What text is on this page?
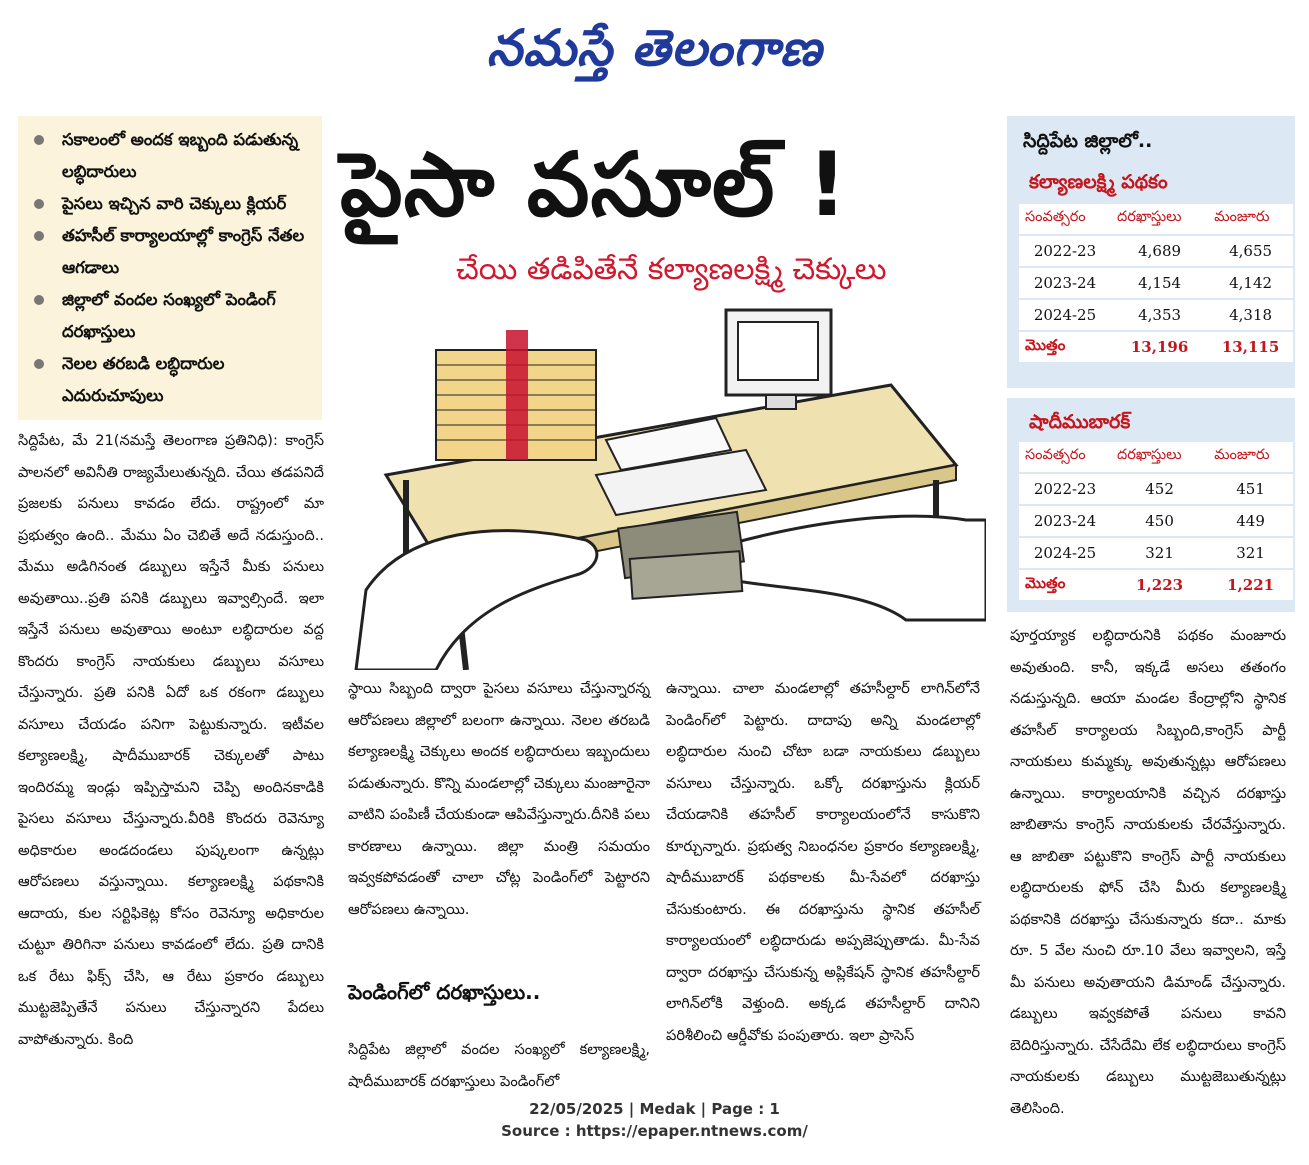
నమస్తే తెలంగాణ
సకాలంలో అందక ఇబ్బంది పడుతున్న లబ్ధిదారులు
పైసలు ఇచ్చిన వారి చెక్కులు క్లియర్
తహసీల్ కార్యాలయాల్లో కాంగ్రెస్ నేతల ఆగడాలు
జిల్లాలో వందల సంఖ్యలో పెండింగ్ దరఖాస్తులు
నెలల తరబడి లబ్ధిదారుల ఎదురుచూపులు
పైసా వసూల్ !
చేయి తడిపితేనే కల్యాణలక్ష్మి చెక్కులు
సిద్దిపేట, మే 21(నమస్తే తెలంగాణ ప్రతినిధి): కాంగ్రెస్ పాలనలో అవినీతి రాజ్యమేలుతున్నది. చేయి తడపనిదే ప్రజలకు పనులు కావడం లేదు. రాష్ట్రంలో మా ప్రభుత్వం ఉంది.. మేము ఏం చెబితే అదే నడుస్తుంది.. మేము అడిగినంత డబ్బులు ఇస్తేనే మీకు పనులు అవుతాయి..ప్రతి పనికి డబ్బులు ఇవ్వాల్సిందే. ఇలా ఇస్తేనే పనులు అవుతాయి అంటూ లబ్ధిదారుల వద్ద కొందరు కాంగ్రెస్ నాయకులు డబ్బులు వసూలు చేస్తున్నారు. ప్రతి పనికి ఏదో ఒక రకంగా డబ్బులు వసూలు చేయడం పనిగా పెట్టుకున్నారు. ఇటీవల కల్యాణలక్ష్మి, షాదీముబారక్ చెక్కులతో పాటు ఇందిరమ్మ ఇండ్లు ఇప్పిస్తామని చెప్పి అందినకాడికి పైసలు వసూలు చేస్తున్నారు.వీరికి కొందరు రెవెన్యూ అధికారుల అండదండలు పుష్కలంగా ఉన్నట్లు ఆరోపణలు వస్తున్నాయి. కల్యాణలక్ష్మి పథకానికి ఆదాయ, కుల సర్టిఫికెట్ల కోసం రెవెన్యూ అధికారుల చుట్టూ తిరిగినా పనులు కావడంలో లేదు. ప్రతి దానికి ఒక రేటు ఫిక్స్ చేసి, ఆ రేటు ప్రకారం డబ్బులు ముట్టజెప్పితేనే పనులు చేస్తున్నారని పేదలు వాపోతున్నారు. కింది
స్థాయి సిబ్బంది ద్వారా పైసలు వసూలు చేస్తున్నారన్న ఆరోపణలు జిల్లాలో బలంగా ఉన్నాయి. నెలల తరబడి కల్యాణలక్ష్మి చెక్కులు అందక లబ్ధిదారులు ఇబ్బందులు పడుతున్నారు. కొన్ని మండలాల్లో చెక్కులు మంజూరైనా వాటిని పంపిణీ చేయకుండా ఆపివేస్తున్నారు.దీనికి పలు కారణాలు ఉన్నాయి. జిల్లా మంత్రి సమయం ఇవ్వకపోవడంతో చాలా చోట్ల పెండింగ్‌లో పెట్టారని ఆరోపణలు ఉన్నాయి.
పెండింగ్‌లో దరఖాస్తులు..
సిద్దిపేట జిల్లాలో వందల సంఖ్యలో కల్యాణలక్ష్మి, షాదీముబారక్ దరఖాస్తులు పెండింగ్‌లో
ఉన్నాయి. చాలా మండలాల్లో తహసీల్దార్ లాగిన్‌లోనే పెండింగ్‌లో పెట్టారు. దాదాపు అన్ని మండలాల్లో లబ్ధిదారుల నుంచి చోటా బడా నాయకులు డబ్బులు వసూలు చేస్తున్నారు. ఒక్కో దరఖాస్తును క్లియర్ చేయడానికి తహసీల్ కార్యాలయంలోనే కాసుకొని కూర్చున్నారు. ప్రభుత్వ నిబంధనల ప్రకారం కల్యాణలక్ష్మి, షాదీముబారక్ పథకాలకు మీ-సేవలో దరఖాస్తు చేసుకుంటారు. ఈ దరఖాస్తును స్థానిక తహసీల్ కార్యాలయంలో లబ్ధిదారుడు అప్పజెప్పుతాడు. మీ-సేవ ద్వారా దరఖాస్తు చేసుకున్న అప్లికేషన్ స్థానిక తహసీల్దార్ లాగిన్‌లోకి వెళ్తుంది. అక్కడ తహసీల్దార్ దానిని పరిశీలించి ఆర్డీవోకు పంపుతారు. ఇలా ప్రాసెస్
పూర్తయ్యాక లబ్ధిదారునికి పథకం మంజూరు అవుతుంది. కానీ, ఇక్కడే అసలు తతంగం నడుస్తున్నది. ఆయా మండల కేంద్రాల్లోని స్థానిక తహసీల్ కార్యాలయ సిబ్బంది,కాంగ్రెస్ పార్టీ నాయకులు కుమ్మక్కు అవుతున్నట్లు ఆరోపణలు ఉన్నాయి. కార్యాలయానికి వచ్చిన దరఖాస్తు జాబితాను కాంగ్రెస్ నాయకులకు చేరవేస్తున్నారు. ఆ జాబితా పట్టుకొని కాంగ్రెస్ పార్టీ నాయకులు లబ్ధిదారులకు ఫోన్ చేసి మీరు కల్యాణలక్ష్మి పథకానికి దరఖాస్తు చేసుకున్నారు కదా.. మాకు రూ. 5 వేల నుంచి రూ.10 వేలు ఇవ్వాలని, ఇస్తే మీ పనులు అవుతాయని డిమాండ్ చేస్తున్నారు. డబ్బులు ఇవ్వకపోతే పనులు కావని బెదిరిస్తున్నారు. చేసేదేమి లేక లబ్ధిదారులు కాంగ్రెస్ నాయకులకు డబ్బులు ముట్టజెబుతున్నట్లు తెలిసింది.
సిద్దిపేట జిల్లాలో..
కల్యాణలక్ష్మి పథకం
సంవత్సరం	దరఖాస్తులు	మంజూరు
2022-23	4,689	4,655
2023-24	4,154	4,142
2024-25	4,353	4,318
మొత్తం	13,196	13,115
షాదీముబారక్
సంవత్సరం	దరఖాస్తులు	మంజూరు
2022-23	452	451
2023-24	450	449
2024-25	321	321
మొత్తం	1,223	1,221
22/05/2025 | Medak | Page : 1
Source : https://epaper.ntnews.com/
